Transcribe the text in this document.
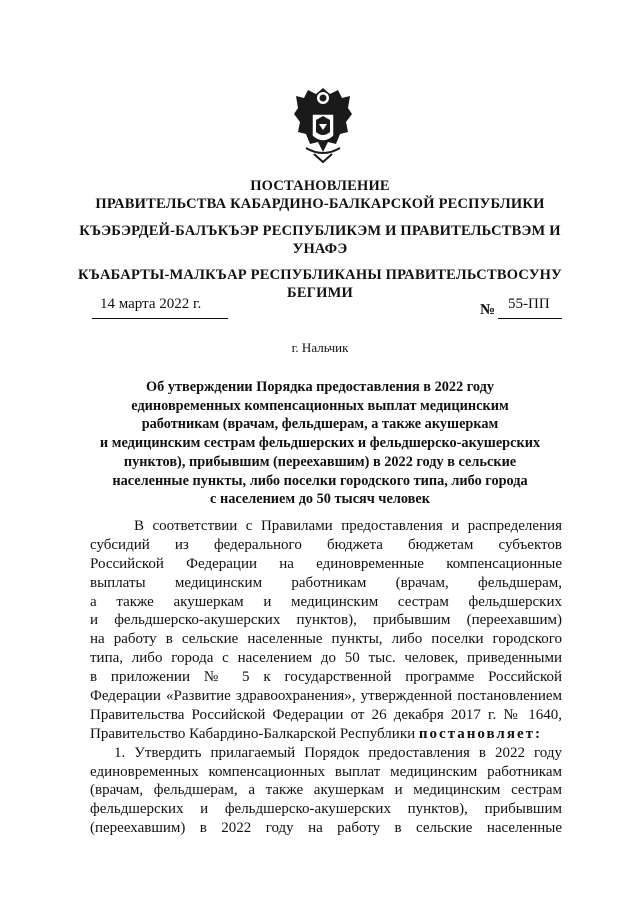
ПОСТАНОВЛЕНИЕ
ПРАВИТЕЛЬСТВА КАБАРДИНО-БАЛКАРСКОЙ РЕСПУБЛИКИ
КЪЭБЭРДЕЙ-БАЛЪКЪЭР РЕСПУБЛИКЭМ И ПРАВИТЕЛЬСТВЭМ И
УНАФЭ
КЪАБАРТЫ-МАЛКЪАР РЕСПУБЛИКАНЫ ПРАВИТЕЛЬСТВОСУНУ
БЕГИМИ
14 марта 2022 г.	№ 55-ПП
г. Нальчик
Об утверждении Порядка предоставления в 2022 году
единовременных компенсационных выплат медицинским
работникам (врачам, фельдшерам, а также акушеркам
и медицинским сестрам фельдшерских и фельдшерско-акушерских
пунктов), прибывшим (переехавшим) в 2022 году в сельские
населенные пункты, либо поселки городского типа, либо города
с населением до 50 тысяч человек
В соответствии с Правилами предоставления и распределения
субсидий из федерального бюджета бюджетам субъектов
Российской Федерации на единовременные компенсационные
выплаты медицинским работникам (врачам, фельдшерам,
а также акушеркам и медицинским сестрам фельдшерских
и фельдшерско-акушерских пунктов), прибывшим (переехавшим)
на работу в сельские населенные пункты, либо поселки городского
типа, либо города с населением до 50 тыс. человек, приведенными
в приложении № 5 к государственной программе Российской
Федерации «Развитие здравоохранения», утвержденной постановлением
Правительства Российской Федерации от 26 декабря 2017 г. № 1640,
Правительство Кабардино-Балкарской Республики постановляет:
1. Утвердить прилагаемый Порядок предоставления в 2022 году
единовременных компенсационных выплат медицинским работникам
(врачам, фельдшерам, а также акушеркам и медицинским сестрам
фельдшерских и фельдшерско-акушерских пунктов), прибывшим
(переехавшим) в 2022 году на работу в сельские населенные
